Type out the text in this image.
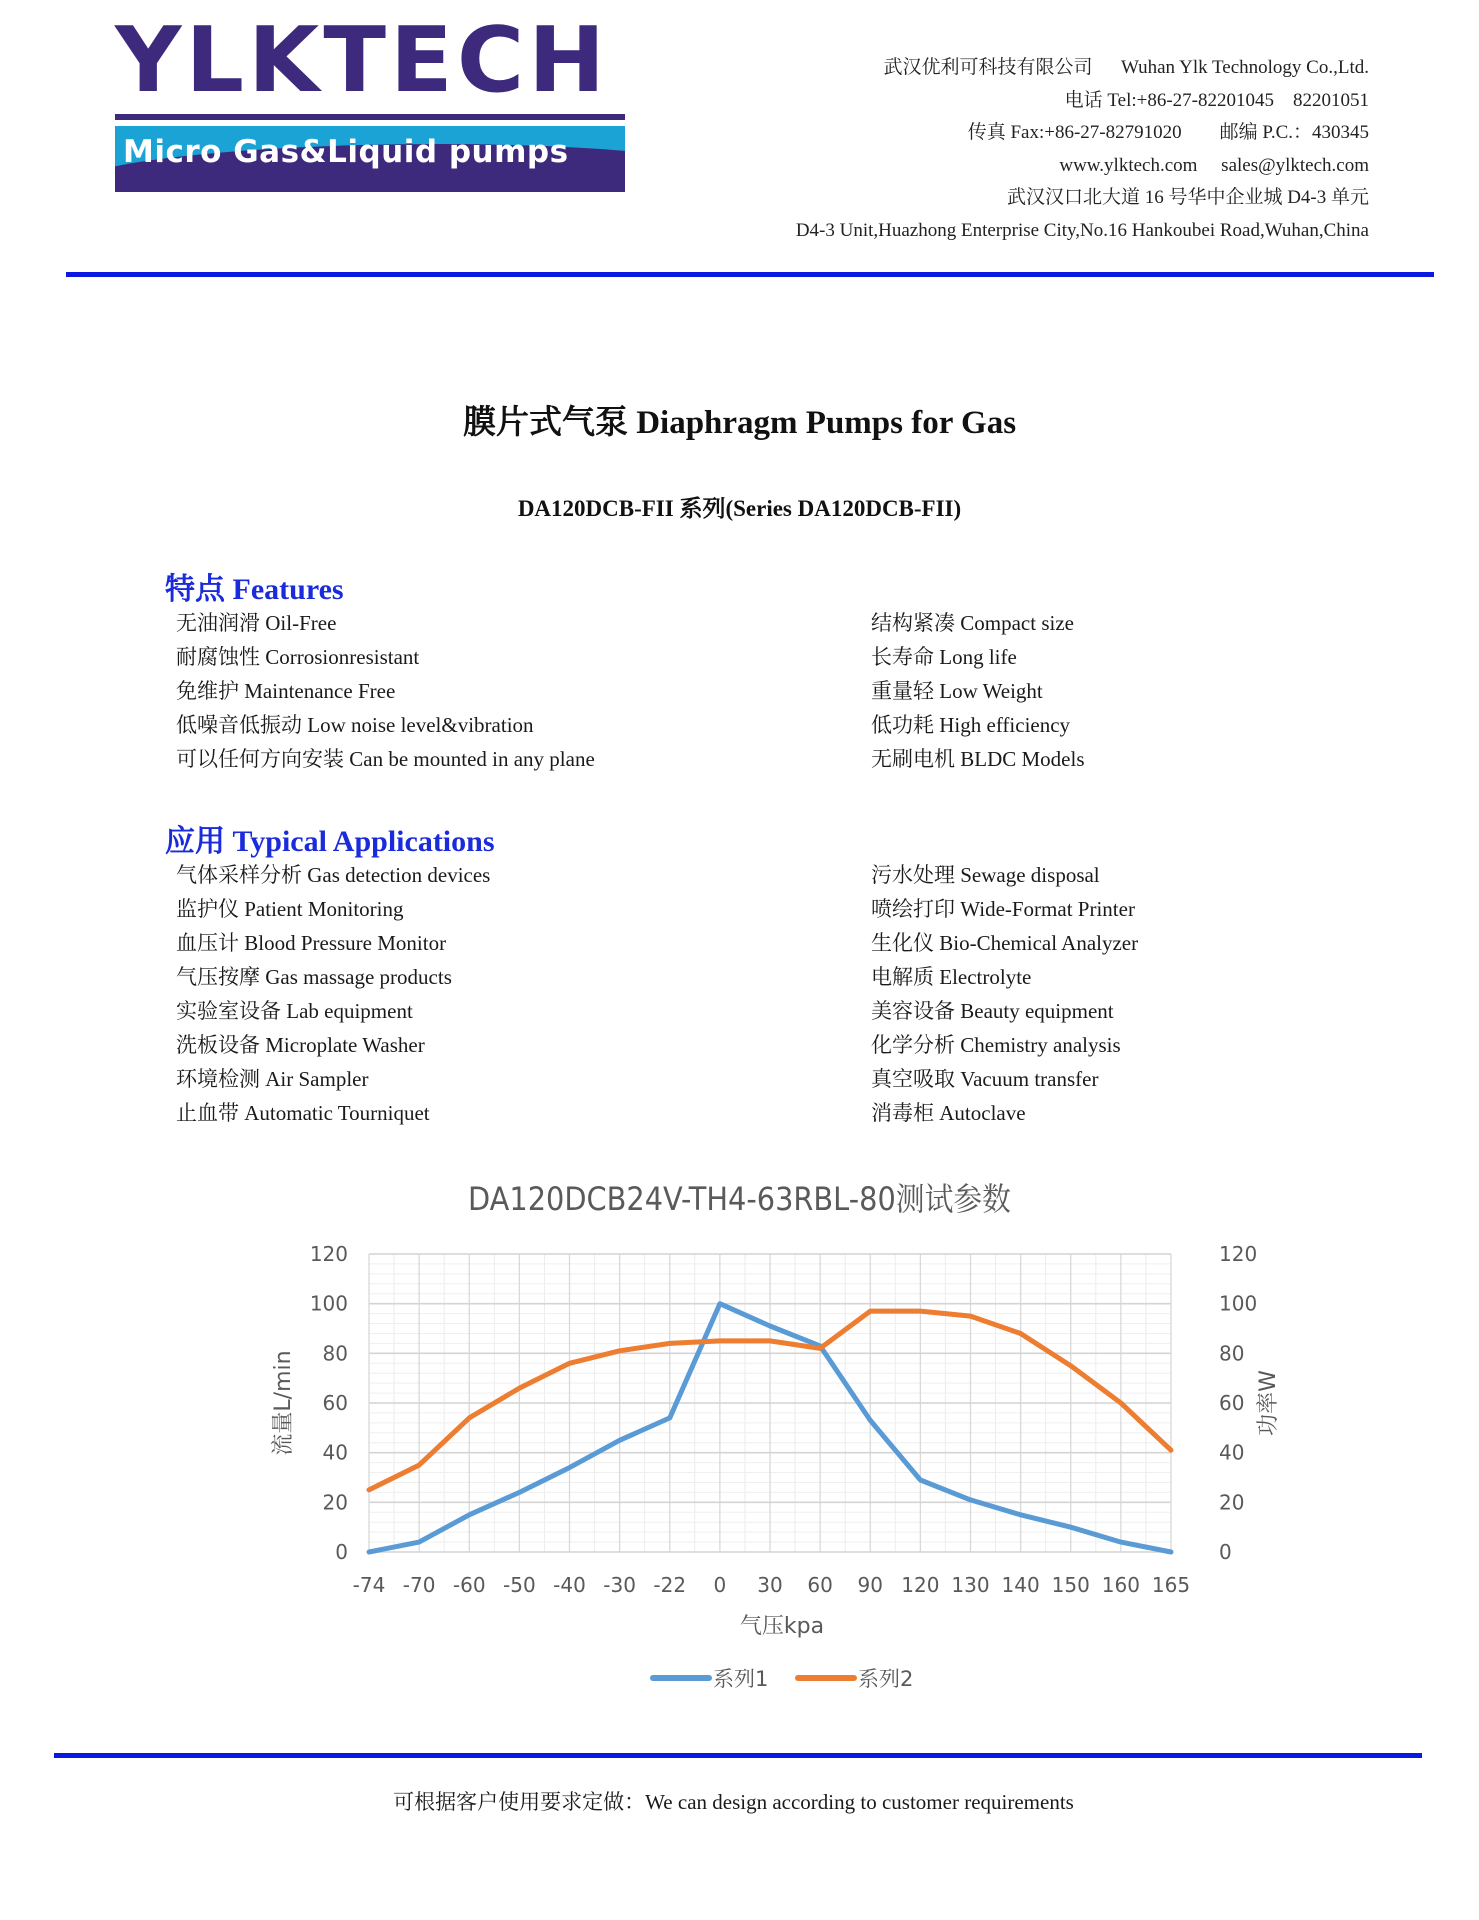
YLKTECH
Micro Gas&Liquid pumps
武汉优利可科技有限公司      Wuhan Ylk Technology Co.,Ltd.
电话 Tel:+86-27-82201045    82201051
传真 Fax:+86-27-82791020        邮编 P.C.：430345
www.ylktech.com     sales@ylktech.com
武汉汉口北大道 16 号华中企业城 D4-3 单元
D4-3 Unit,Huazhong Enterprise City,No.16 Hankoubei Road,Wuhan,China
膜片式气泵 Diaphragm Pumps for Gas
DA120DCB-FII 系列(Series DA120DCB-FII)
特点 Features
无油润滑 Oil-Free
耐腐蚀性 Corrosionresistant
免维护 Maintenance Free
低噪音低振动 Low noise level&vibration
可以任何方向安装 Can be mounted in any plane
结构紧凑 Compact size
长寿命 Long life
重量轻 Low Weight
低功耗 High efficiency
无刷电机 BLDC Models
应用 Typical Applications
气体采样分析 Gas detection devices
监护仪 Patient Monitoring
血压计 Blood Pressure Monitor
气压按摩 Gas massage products
实验室设备 Lab equipment
洗板设备 Microplate Washer
环境检测 Air Sampler
止血带 Automatic Tourniquet
污水处理 Sewage disposal
喷绘打印 Wide-Format Printer
生化仪 Bio-Chemical Analyzer
电解质 Electrolyte
美容设备 Beauty equipment
化学分析 Chemistry analysis
真空吸取 Vacuum transfer
消毒柜 Autoclave
DA120DCB24V-TH4-63RBL-80测试参数
0	0
20	20
40	40
60	60
80	80
100	100
120	120
-74 -70 -60 -50 -40 -30 -22 0 30 60 90 120 130 140 150 160 165
气压kpa
流量L/min	功率W
系列1	系列2
可根据客户使用要求定做：We can design according to customer requirements
